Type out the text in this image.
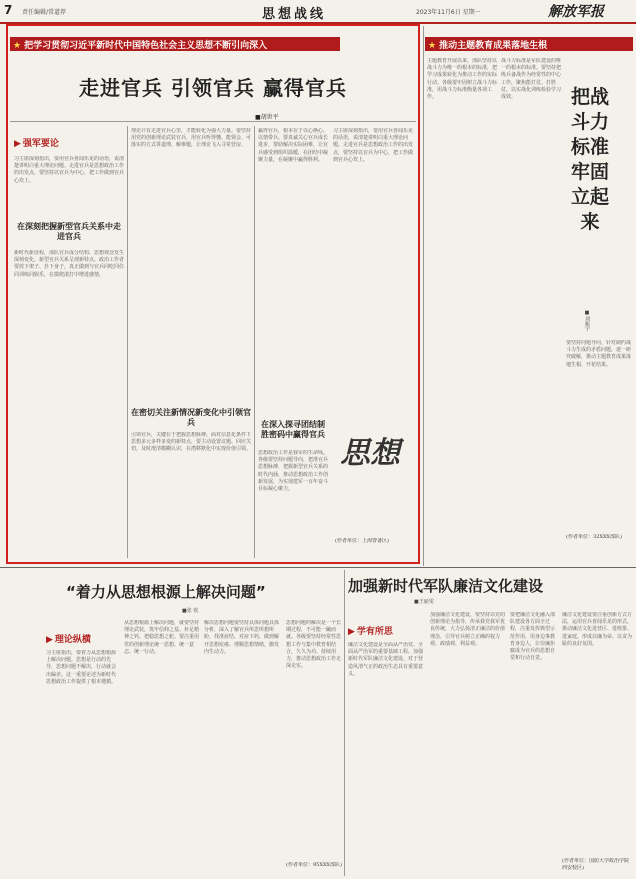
7 责任编辑/常道荐	思想战线	2023年11月6日 星期一	解放军报
★ 把学习贯彻习近平新时代中国特色社会主义思想不断引向深入
走进官兵 引领官兵 赢得官兵
■胡世平
▶ 强军要论
习主席深刻指出，要用官兵喜闻乐见的话语，说清楚讲明白重大理论问题。走进官兵是思想政治工作的出发点，要坚持以官兵为中心，把工作做到官兵心坎上。
在深刻把握新型官兵关系中走进官兵
新时代新征程，部队官兵成分结构、思想观念发生深刻变化，新型官兵关系呈现新特点。政治工作者要放下架子、扑下身子，真正做到与官兵同吃同住同训练同娱乐，在摸爬滚打中增进感情。
理论只有走进官兵心里，才能转化为强大力量。要坚持用党的创新理论武装官兵，用官兵听得懂、能领会、可落实的方式讲道理、解难题，让理论飞入寻常营房。
在密切关注新情况新变化中引领官兵
引领官兵，关键在于把握思想脉搏。面对信息化条件下思想多元多样多变的新特点，要主动设置议题、回应关切，及时澄清模糊认识，在潜移默化中实现价值引领。
赢得官兵，根本在于以心换心、以情带兵。要真诚关心官兵成长进步，帮助解决实际困难，让官兵感受到组织温暖，在团结中凝聚力量，在凝聚中赢得胜利。
在深入探寻团结制胜密码中赢得官兵
思想政治工作是我军的生命线。各级要坚持问题导向，把准官兵思想脉搏，把握新型官兵关系的时代内涵，推动思想政治工作创新发展，为实现建军一百年奋斗目标凝心聚力。
习主席深刻指出，要用官兵喜闻乐见的话语，说清楚讲明白重大理论问题。走进官兵是思想政治工作的出发点，要坚持以官兵为中心，把工作做到官兵心坎上。
思想
(作者单位：上海警备区)
★ 推动主题教育成果落地生根
主题教育开展以来，部队坚持以战斗力为唯一的根本的标准，把学习成果转化为推动工作的实际行动。各级要牢固树立战斗力标准，用战斗力标准衡量各项工作。
战斗力标准是军队建设的唯一的根本的标准。要坚持把练兵备战作为经常性的中心工作，聚焦能打仗、打胜仗，以实战化训练检验学习成效。	把战斗力标准牢固立起来
■刘振宇
要坚持问题导向，针对制约战斗力生成的矛盾问题，逐一研究破解，推动主题教育成果落地生根、开花结果。
(作者单位：32XXX部队)
“着力从思想根源上解决问题”
■张 钦
▶ 理论纵横
习主席指出，要着力从思想根源上解决问题。思想是行动的先导，思想问题不解决，行动就会出偏差。这一重要论述为新时代思想政治工作提供了根本遵循。
从思想根源上解决问题，就要坚持理论武装，筑牢信仰之基、补足精神之钙、把稳思想之舵。要注重用党的创新理论统一思想、统一意志、统一行动。
解决思想问题要坚持具体问题具体分析，深入了解官兵所思所想所盼，找准症结、对症下药，做到解开思想疙瘩、理顺思想情绪，激发内生动力。
思想问题的解决是一个长期过程，不可能一蹴而就。各级要坚持经常性思想工作与集中教育相结合，久久为功、持续用力，推动思想政治工作走深走实。
(作者单位：95XXX部队)
加强新时代军队廉洁文化建设
■王丽雯
▶ 学有所思
廉洁文化建设是全面从严治党、全面从严治军的重要基础工程。加强新时代军队廉洁文化建设，对于营造风清气正的政治生态具有重要意义。
加强廉洁文化建设，要坚持以党的创新理论为指导，传承我党我军优良传统，大力弘扬清正廉洁的价值理念，引导官兵树立正确的权力观、政绩观、利益观。
要把廉洁文化融入部队建设各方面全过程，注重发挥典型示范作用，用身边事教育身边人，让崇廉拒腐成为官兵的思想自觉和行动自觉。
廉洁文化建设要注重创新方式方法，运用官兵喜闻乐见的形式，推动廉洁文化进营区、进班排、进家庭，形成以廉为荣、以贪为耻的良好氛围。
(作者单位：国防大学政治学院西安校区)
